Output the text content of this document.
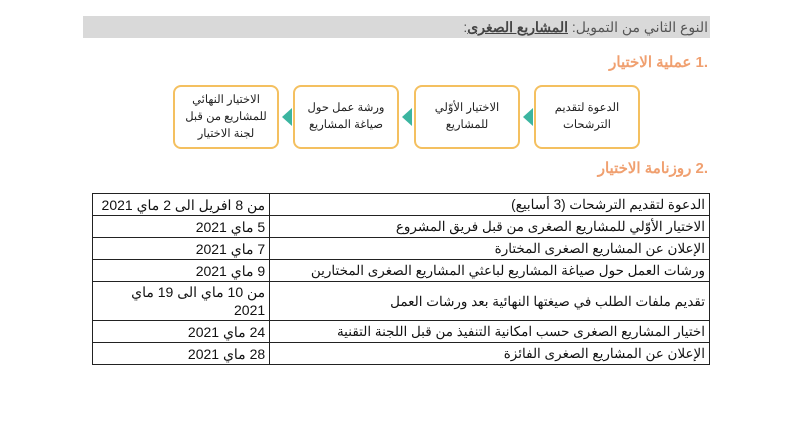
النوع الثاني من التمويل: المشاريع الصغرى:
.1 عملية الاختيار
الدعوة لتقديم الترشحات
الاختيار الأوّلي للمشاريع
ورشة عمل حول صياغة المشاريع
الاختيار النهائي للمشاريع من قبل لجنة الاختيار
.2 روزنامة الاختيار
الدعوة لتقديم الترشحات (3 أسابيع)	من 8 افريل الى 2 ماي 2021
الاختيار الأوّلي للمشاريع الصغرى من قبل فريق المشروع	5 ماي 2021
الإعلان عن المشاريع الصغرى المختارة	7 ماي 2021
ورشات العمل حول صياغة المشاريع لباعثي المشاريع الصغرى المختارين	9 ماي 2021
تقديم ملفات الطلب في صيغتها النهائية بعد ورشات العمل	من 10 ماي الى 19 ماي 2021
اختيار المشاريع الصغرى حسب امكانية التنفيذ من قبل اللجنة التقنية	24 ماي 2021
الإعلان عن المشاريع الصغرى الفائزة	28 ماي 2021
